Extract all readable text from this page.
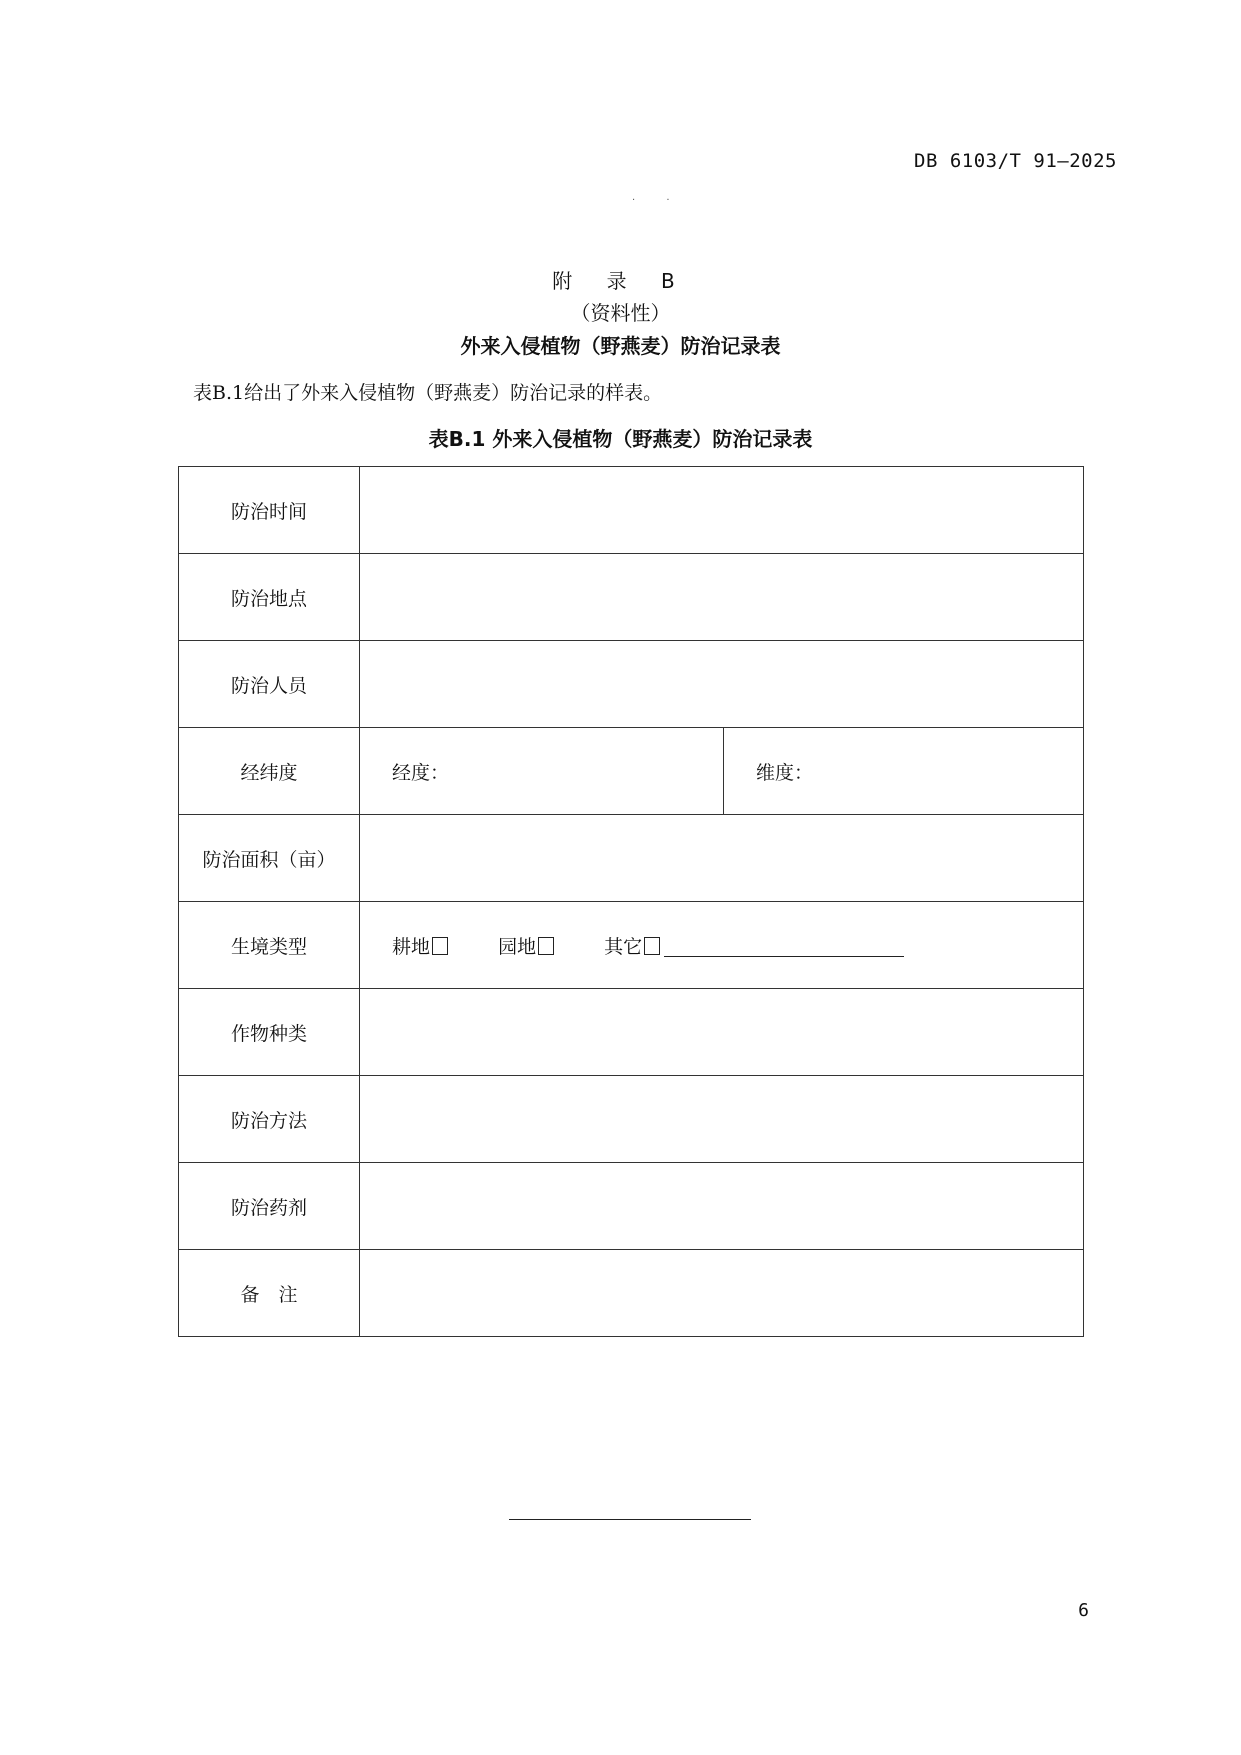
DB 6103/T 91—2025
· ·
附 录 B
（资料性）
外来入侵植物（野燕麦）防治记录表
表B.1给出了外来入侵植物（野燕麦）防治记录的样表。
表B.1 外来入侵植物（野燕麦）防治记录表
防治时间		
防治地点		
防治人员		
经纬度	经度：	维度：
防治面积（亩）		
生境类型	耕地 园地 其它	
作物种类		
防治方法		
防治药剂		
备　注		
6
